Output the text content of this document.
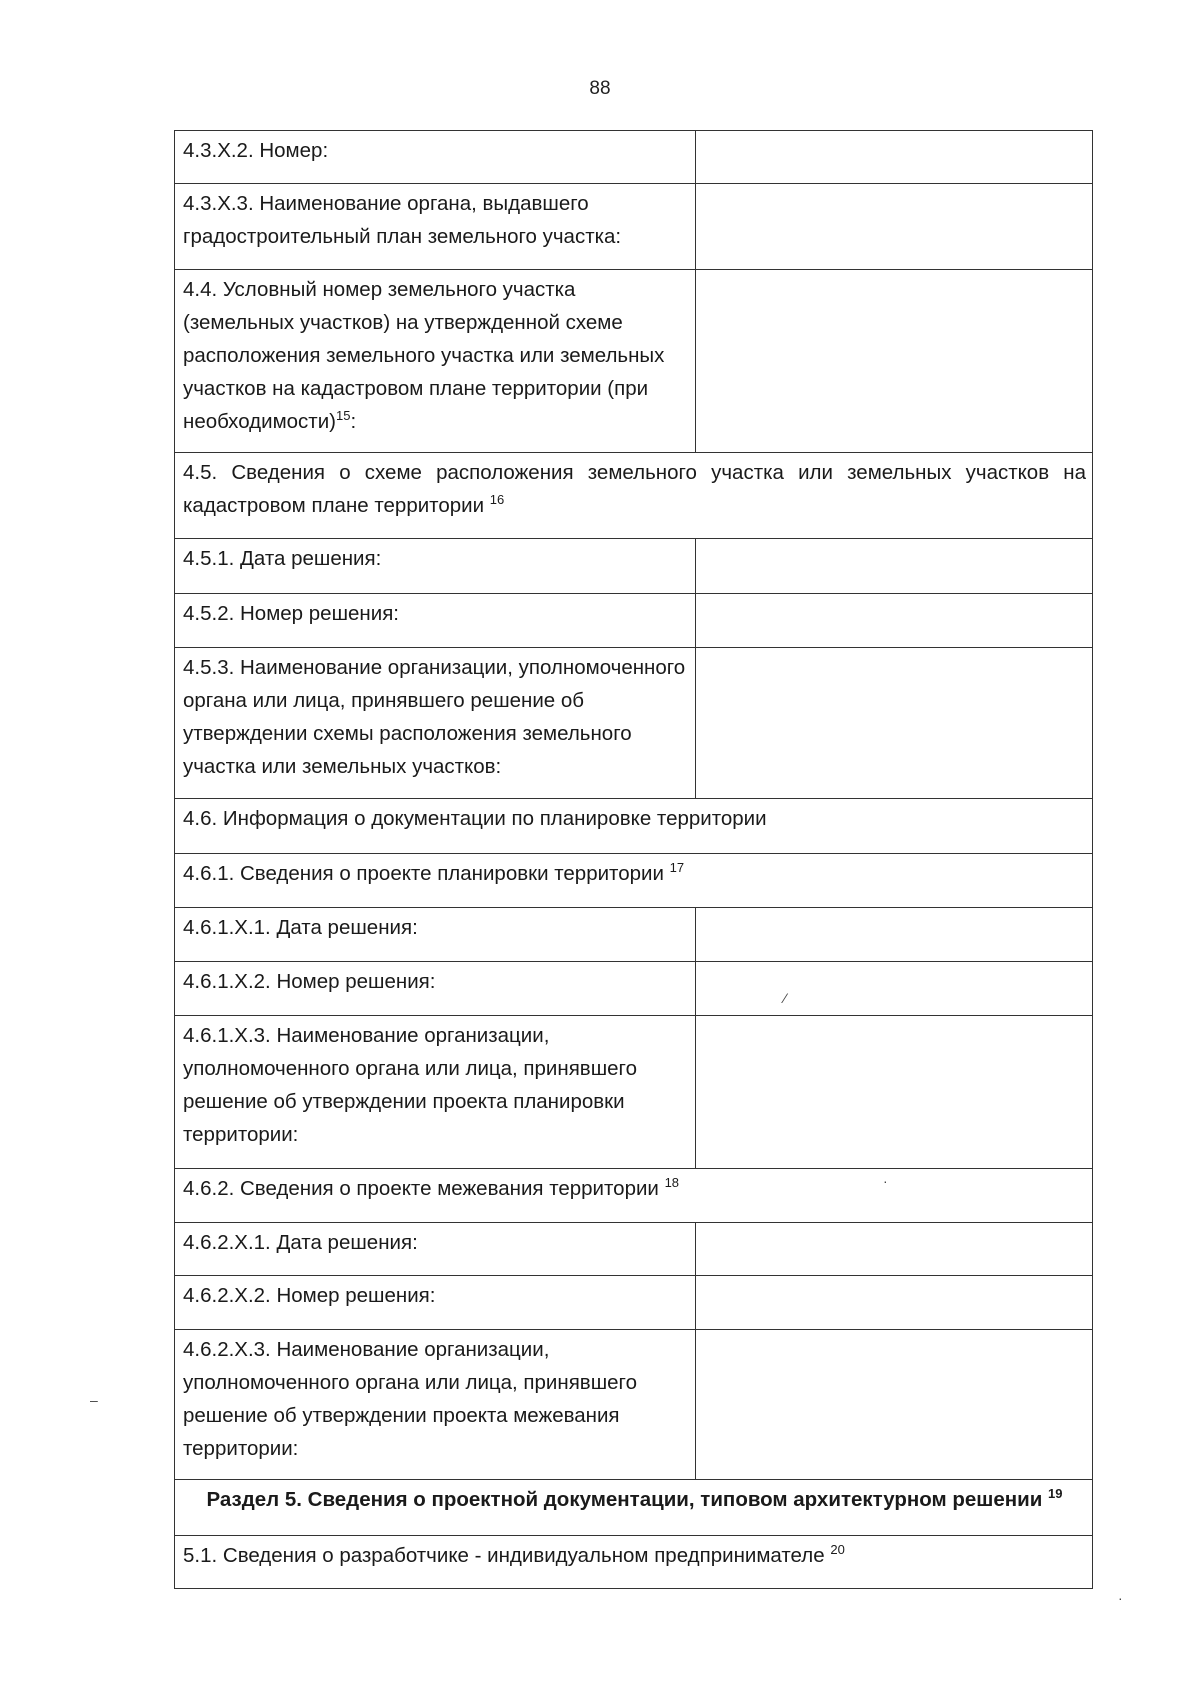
88
4.3.Х.2. Номер:	
4.3.Х.3. Наименование органа, выдавшего градостроительный план земельного участка:	
4.4. Условный номер земельного участка (земельных участков) на утвержденной схеме расположения земельного участка или земельных участков на кадастровом плане территории (при необходимости)$^{15}$:	
4.5. Сведения о схеме расположения земельного участка или земельных участков на кадастровом плане территории $^{16}$
4.5.1. Дата решения:	
4.5.2. Номер решения:	
4.5.3. Наименование организации, уполномоченного органа или лица, принявшего решение об утверждении схемы расположения земельного участка или земельных участков:	
4.6. Информация о документации по планировке территории	
4.6.1. Сведения о проекте планировки территории $^{17}$
4.6.1.Х.1. Дата решения:	
4.6.1.Х.2. Номер решения:	
4.6.1.Х.3. Наименование организации, уполномоченного органа или лица, принявшего решение об утверждении проекта планировки территории:	
4.6.2. Сведения о проекте межевания территории $^{18}$
4.6.2.Х.1. Дата решения:	
4.6.2.Х.2. Номер решения:	
4.6.2.Х.3. Наименование организации, уполномоченного органа или лица, принявшего решение об утверждении проекта межевания территории:	
Раздел 5. Сведения о проектной документации, типовом архитектурном решении $^{19}$
5.1. Сведения о разработчике - индивидуальном предпринимателе $^{20}$
⁄
·
–
·
